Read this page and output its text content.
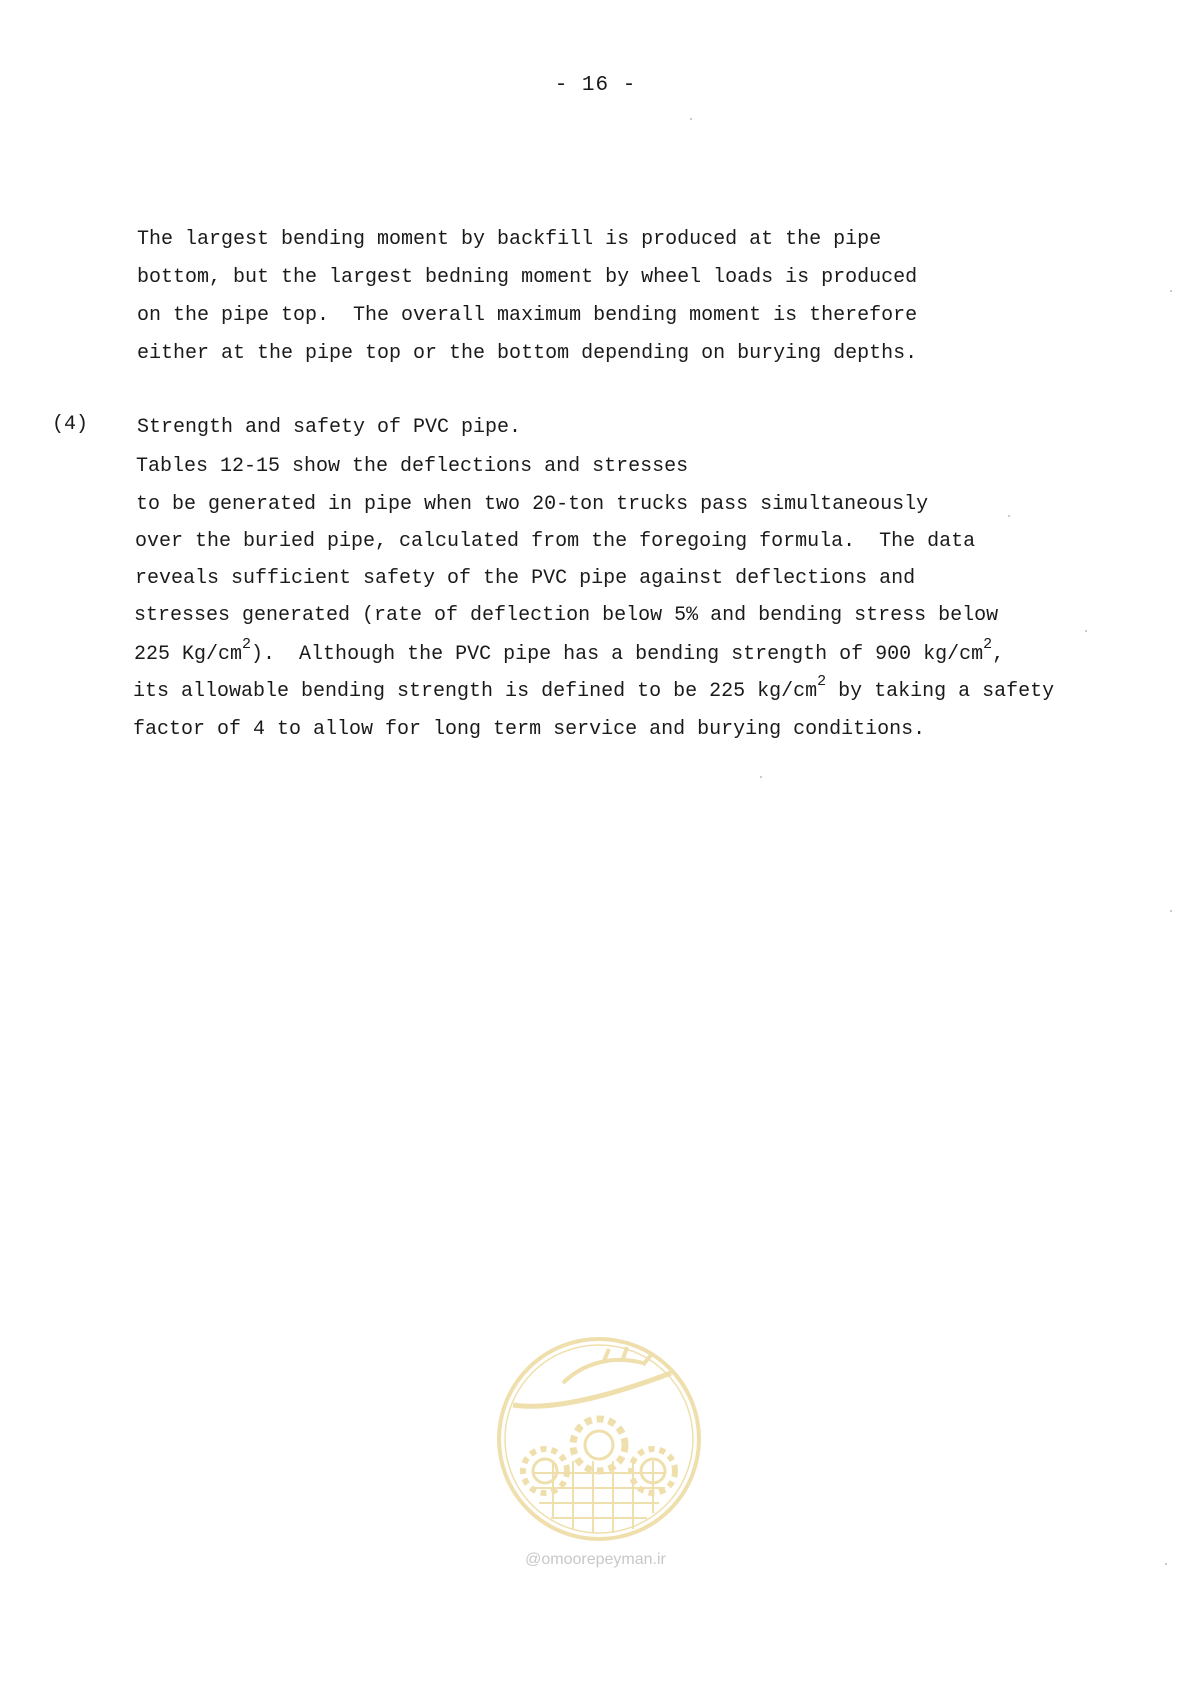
- 16 -
The largest bending moment by backfill is produced at the pipe
bottom, but the largest bedning moment by wheel loads is produced
on the pipe top.  The overall maximum bending moment is therefore
either at the pipe top or the bottom depending on burying depths.
(4) Strength and safety of PVC pipe.
Tables 12-15 show the deflections and stresses
to be generated in pipe when two 20-ton trucks pass simultaneously
over the buried pipe, calculated from the foregoing formula.  The data
reveals sufficient safety of the PVC pipe against deflections and
stresses generated (rate of deflection below 5% and bending stress below
225 $Kg/cm^2$).  Although the PVC pipe has a bending strength of 900 $kg/cm^2$,
its allowable bending strength is defined to be 225 $kg/cm^2$ by taking a safety
factor of 4 to allow for long term service and burying conditions.
@omoorepeyman.ir
